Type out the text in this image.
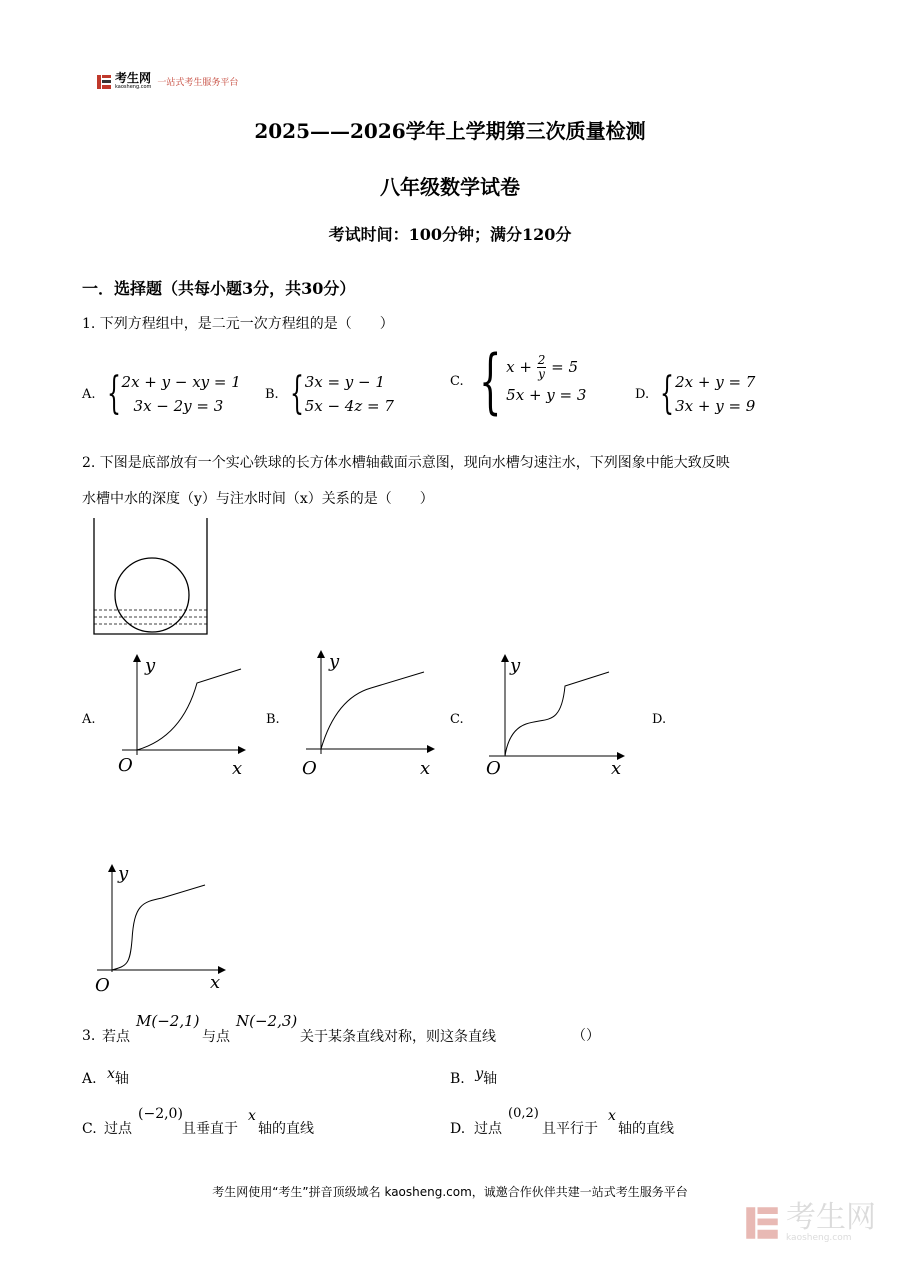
考生网
kaosheng.com 一站式考生服务平台
2025——2026学年上学期第三次质量检测
八年级数学试卷
考试时间：100分钟；满分120分
一．选择题（共每小题3分，共30分）
1. 下列方程组中，是二元一次方程组的是（　　）
A. { 2x + y − xy = 1
3x − 2y = 3
B. { 3x = y − 1
5x − 4z = 7
C. { $x + \frac{2}{y} = 5$
5x + y = 3	D. { 2x + y = 7
3x + y = 9
2. 下图是底部放有一个实心铁球的长方体水槽轴截面示意图，现向水槽匀速注水，下列图象中能大致反映
水槽中水的深度（y）与注水时间（x）关系的是（　　）
A.
y
x
O
B.
y
x
O
C.
y
x
O
D.
y
x
O
3. 若点
M(−2,1)
与点
N(−2,3)
关于某条直线对称，则这条直线	（）
A. x轴	B. y轴
C. 过点
(−2,0)
且垂直于
x
轴的直线	D. 过点
(0,2)
且平行于
x
轴的直线
考生网使用“考生”拼音顶级域名 kaosheng.com，诚邀合作伙伴共建一站式考生服务平台
考生网
kaosheng.com
